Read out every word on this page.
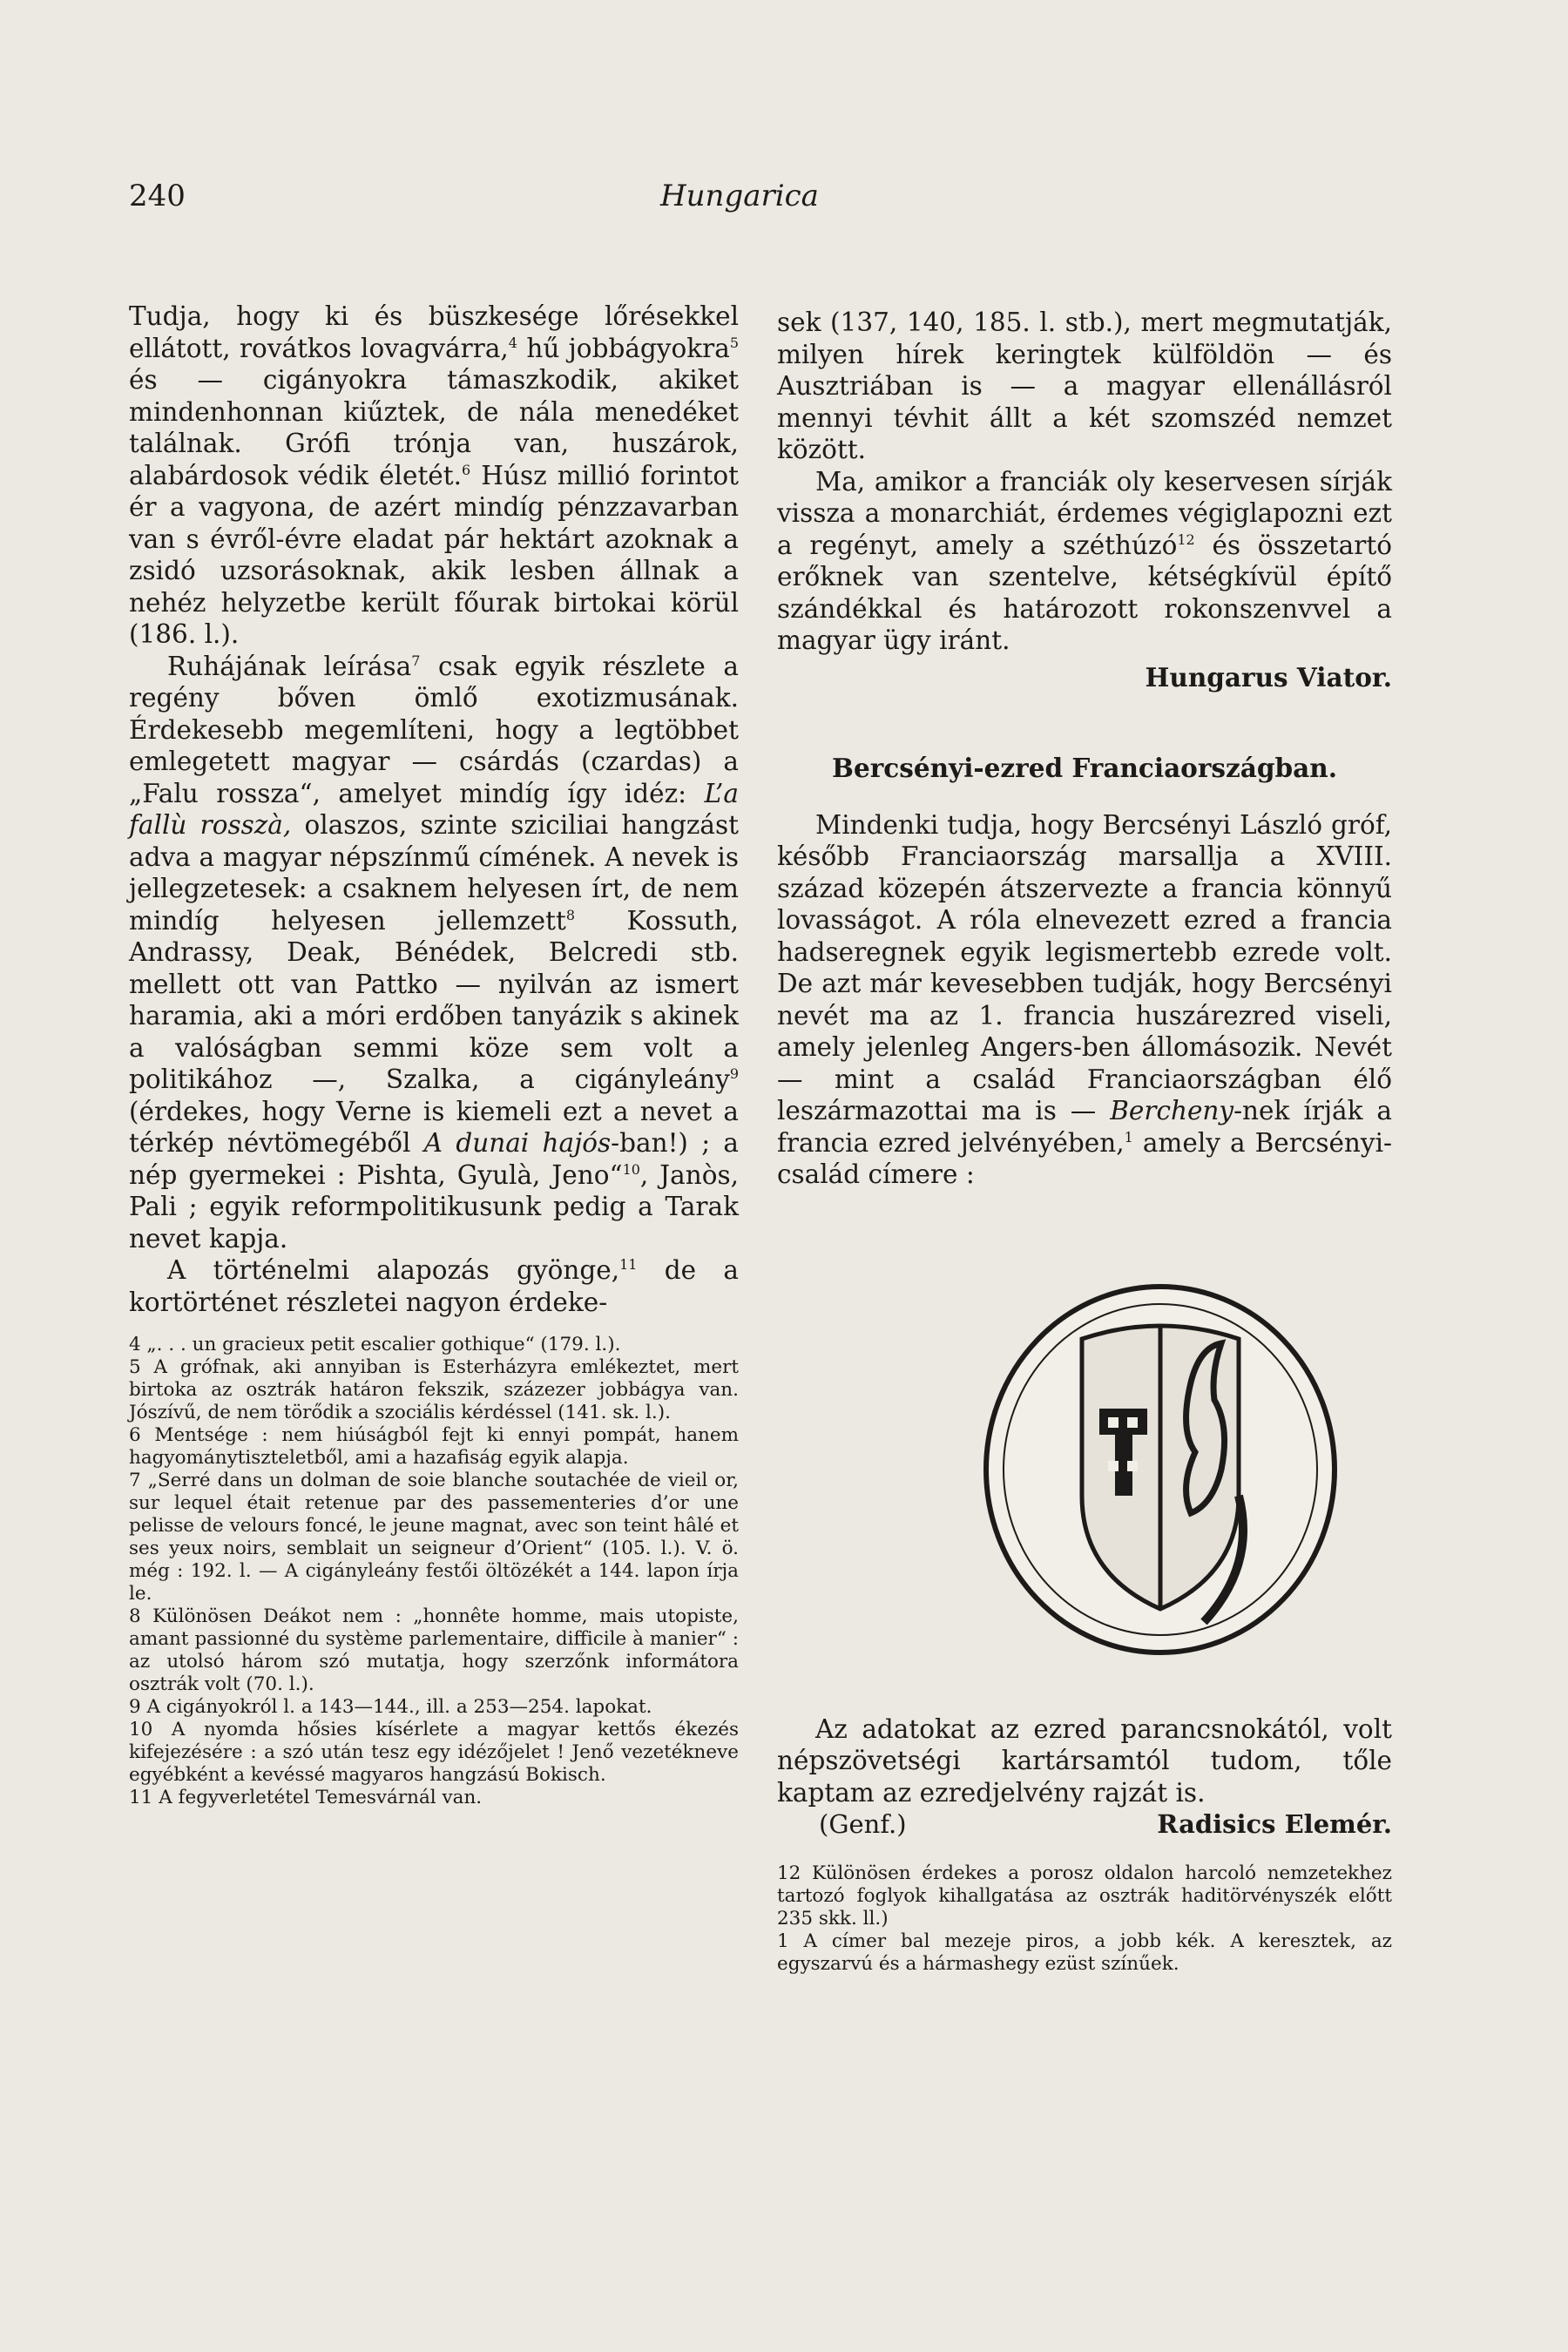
240	Hungarica

Tudja, hogy ki és büszkesége lőrésekkel ellátott, rovátkos lovagvárra,$^4$ hű jobbágyokra$^5$ és — cigányokra támaszkodik, akiket mindenhonnan kiűztek, de nála menedéket találnak. Grófi trónja van, huszárok, alabárdosok védik életét.$^6$ Húsz millió forintot ér a vagyona, de azért mindíg pénzzavarban van s évről-évre eladat pár hektárt azoknak a zsidó uzsorásoknak, akik lesben állnak a nehéz helyzetbe került főurak birtokai körül (186. l.).

Ruhájának leírása$^7$ csak egyik részlete a regény bőven ömlő exotizmusának. Érdekesebb megemlíteni, hogy a legtöbbet emlegetett magyar — csárdás (czardas) a „Falu rossza“, amelyet mindíg így idéz: L’a fallù rosszà, olaszos, szinte sziciliai hangzást adva a magyar népszínmű címének. A nevek is jellegzetesek: a csaknem helyesen írt, de nem mindíg helyesen jellemzett$^8$ Kossuth, Andrassy, Deak, Bénédek, Belcredi stb. mellett ott van Pattko — nyilván az ismert haramia, aki a móri erdőben tanyázik s akinek a valóságban semmi köze sem volt a politikához —, Szalka, a cigányleány$^9$ (érdekes, hogy Verne is kiemeli ezt a nevet a térkép névtömegéből A dunai hajós-ban!) ; a nép gyermekei : Pishta, Gyulà, Jeno“$^{10}$, Janòs, Pali ; egyik reformpolitikusunk pedig a Tarak nevet kapja.

A történelmi alapozás gyönge,$^{11}$ de a kortörténet részletei nagyon érdeke-

4 „. . . un gracieux petit escalier gothique“ (179. l.).

5 A grófnak, aki annyiban is Esterházyra emlékeztet, mert birtoka az osztrák határon fekszik, százezer jobbágya van. Jószívű, de nem törődik a szociális kérdéssel (141. sk. l.).

6 Mentsége : nem hiúságból fejt ki ennyi pompát, hanem hagyománytiszteletből, ami a hazafiság egyik alapja.

7 „Serré dans un dolman de soie blanche soutachée de vieil or, sur lequel était retenue par des passementeries d’or une pelisse de velours foncé, le jeune magnat, avec son teint hâlé et ses yeux noirs, semblait un seigneur d’Orient“ (105. l.). V. ö. még : 192. l. — A cigányleány festői öltözékét a 144. lapon írja le.

8 Különösen Deákot nem : „honnête homme, mais utopiste, amant passionné du système parlementaire, difficile à manier“ : az utolsó három szó mutatja, hogy szerzőnk informátora osztrák volt (70. l.).

9 A cigányokról l. a 143—144., ill. a 253—254. lapokat.

10 A nyomda hősies kísérlete a magyar kettős ékezés kifejezésére : a szó után tesz egy idézőjelet ! Jenő vezetékneve egyébként a kevéssé magyaros hangzású Bokisch.

11 A fegyverletétel Temesvárnál van.

sek (137, 140, 185. l. stb.), mert megmutatják, milyen hírek keringtek külföldön — és Ausztriában is — a magyar ellenállásról mennyi tévhit állt a két szomszéd nemzet között.

Ma, amikor a franciák oly keservesen sírják vissza a monarchiát, érdemes végiglapozni ezt a regényt, amely a széthúzó$^{12}$ és összetartó erőknek van szentelve, kétségkívül építő szándékkal és határozott rokonszenvvel a magyar ügy iránt.

Hungarus Viator.

Bercsényi-ezred Franciaországban.

Mindenki tudja, hogy Bercsényi László gróf, később Franciaország marsallja a XVIII. század közepén átszervezte a francia könnyű lovasságot. A róla elnevezett ezred a francia hadseregnek egyik legismertebb ezrede volt. De azt már kevesebben tudják, hogy Bercsényi nevét ma az 1. francia huszárezred viseli, amely jelenleg Angers-ben állomásozik. Nevét — mint a család Franciaországban élő leszármazottai ma is — Bercheny-nek írják a francia ezred jelvényében,$^1$ amely a Bercsényi-család címere :

Az adatokat az ezred parancsnokától, volt népszövetségi kartársamtól tudom, tőle kaptam az ezredjelvény rajzát is.

(Genf.)	Radisics Elemér.

12 Különösen érdekes a porosz oldalon harcoló nemzetekhez tartozó foglyok kihallgatása az osztrák haditörvényszék előtt 235 skk. ll.)

1 A címer bal mezeje piros, a jobb kék. A keresztek, az egyszarvú és a hármashegy ezüst színűek.
